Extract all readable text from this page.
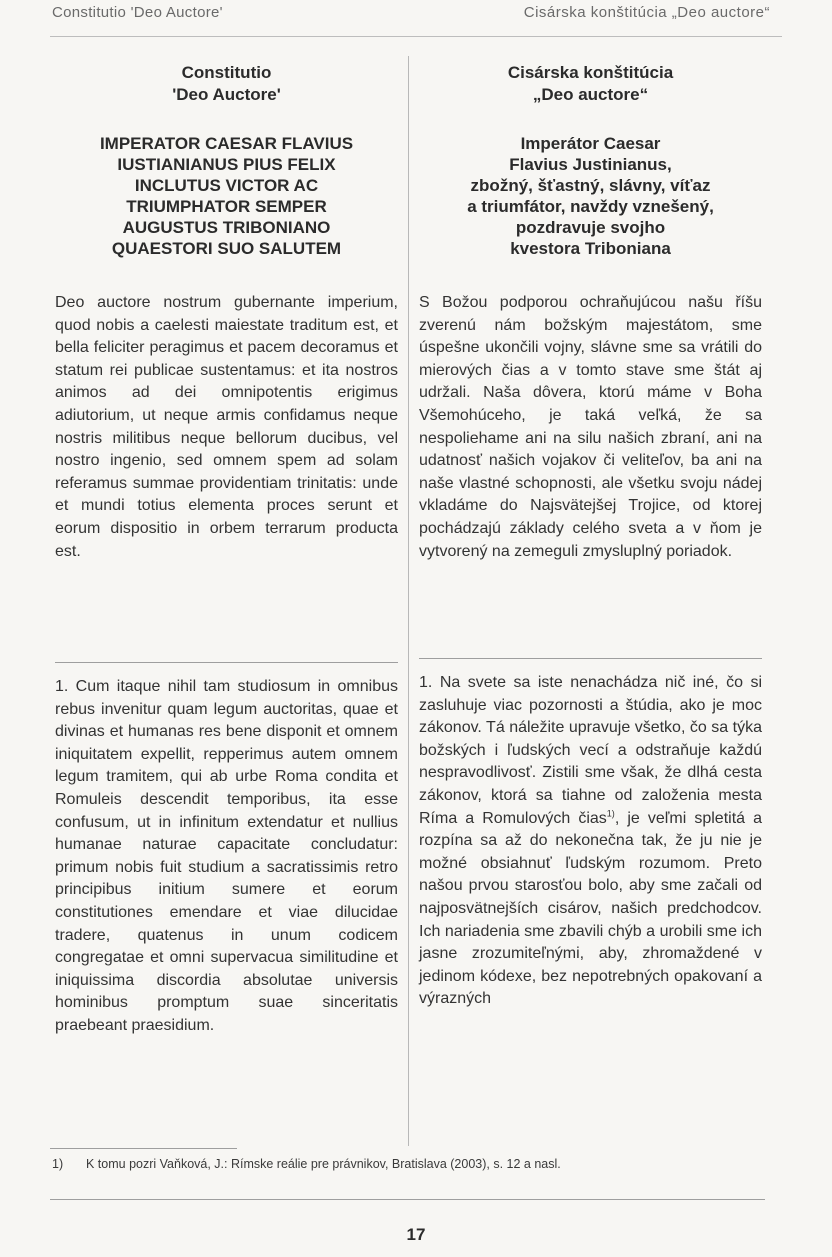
Constitutio 'Deo Auctore'	Cisárska konštitúcia „Deo auctore“

Constitutio

'Deo Auctore'

IMPERATOR CAESAR FLAVIUS

IUSTIANIANUS PIUS FELIX

INCLUTUS VICTOR AC

TRIUMPHATOR SEMPER

AUGUSTUS TRIBONIANO

QUAESTORI SUO SALUTEM

Deo auctore nostrum gubernante imperium, quod nobis a caelesti maiestate traditum est, et bella feliciter peragimus et pacem decoramus et statum rei publicae sustentamus: et ita nostros animos ad dei omnipotentis erigimus adiutorium, ut neque armis confidamus neque nostris militibus neque bellorum ducibus, vel nostro ingenio, sed omnem spem ad solam referamus summae providentiam trinitatis: unde et mundi totius elementa proces serunt et eorum dispositio in orbem terrarum producta est.

1. Cum itaque nihil tam studiosum in omnibus rebus invenitur quam legum auctoritas, quae et divinas et humanas res bene disponit et omnem iniquitatem expellit, repperimus autem omnem legum tramitem, qui ab urbe Roma condita et Romuleis descendit temporibus, ita esse confusum, ut in infinitum extendatur et nullius humanae naturae capacitate concludatur: primum nobis fuit studium a sacratissimis retro principibus initium sumere et eorum constitutiones emendare et viae dilucidae tradere, quatenus in unum codicem congregatae et omni supervacua similitudine et iniquissima discordia absolutae universis hominibus promptum suae sinceritatis praebeant praesidium.

Cisárska konštitúcia

„Deo auctore“

Imperátor Caesar

Flavius Justinianus,

zbožný, šťastný, slávny, víťaz

a triumfátor, navždy vznešený,

pozdravuje svojho

kvestora Triboniana

S Božou podporou ochraňujúcou našu říšu zverenú nám božským majestátom, sme úspešne ukončili vojny, slávne sme sa vrátili do mierových čias a v tomto stave sme štát aj udržali. Naša dôvera, ktorú máme v Boha Všemohúceho, je taká veľká, že sa nespoliehame ani na silu našich zbraní, ani na udatnosť našich vojakov či veliteľov, ba ani na naše vlastné schopnosti, ale všetku svoju nádej vkladáme do Najsvätejšej Trojice, od ktorej pochádzajú základy celého sveta a v ňom je vytvorený na zemeguli zmysluplný poriadok.

1. Na svete sa iste nenachádza nič iné, čo si zasluhuje viac pozornosti a štúdia, ako je moc zákonov. Tá náležite upravuje všetko, čo sa týka božských i ľudských vecí a odstraňuje každú nespravodlivosť. Zistili sme však, že dlhá cesta zákonov, ktorá sa tiahne od založenia mesta Ríma a Romulových čias$^{1)}$, je veľmi spletitá a rozpína sa až do nekonečna tak, že ju nie je možné obsiahnuť ľudským rozumom. Preto našou prvou starosťou bolo, aby sme začali od najposvätnejších cisárov, našich predchodcov. Ich nariadenia sme zbavili chýb a urobili sme ich jasne zrozumiteľnými, aby, zhromaždené v jedinom kódexe, bez nepotrebných opakovaní a výrazných

1) K tomu pozri Vaňková, J.: Rímske reálie pre právnikov, Bratislava (2003), s. 12 a nasl.
17
